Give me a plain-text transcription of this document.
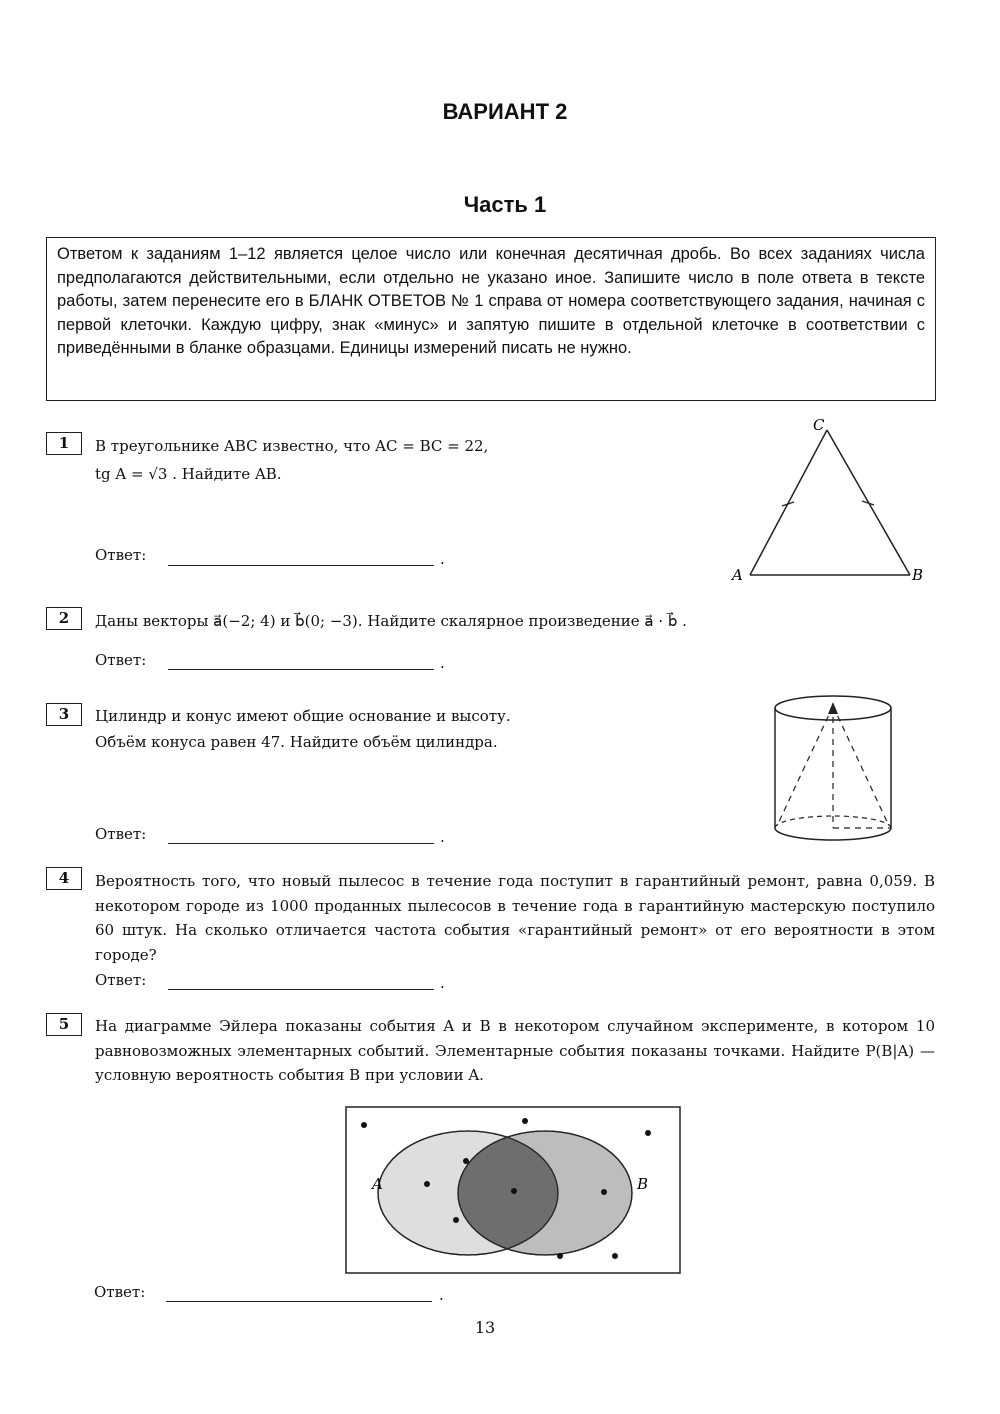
ВАРИАНТ 2
Часть 1
Ответом к заданиям 1–12 является целое число или конечная десятичная дробь. Во всех заданиях числа предполагаются действительными, если отдельно не указано иное. Запишите число в поле ответа в тексте работы, затем перенесите его в БЛАНК ОТВЕТОВ № 1 справа от номера соответствующего задания, начиная с первой клеточки. Каждую цифру, знак «минус» и запятую пишите в отдельной клеточке в соответствии с приведёнными в бланке образцами. Единицы измерений писать не нужно.
1	В треугольнике ABC известно, что AC = BC = 22,
tg A = √3 . Найдите AB.
Ответ:	.
A	B
C
2	Даны векторы a⃗(−2; 4) и b⃗(0; −3). Найдите скалярное произведение a⃗ · b⃗ .
Ответ:	.
3	Цилиндр и конус имеют общие основание и высоту.
Объём конуса равен 47. Найдите объём цилиндра.
Ответ:	.
4	Вероятность того, что новый пылесос в течение года поступит в гарантийный ремонт, равна 0,059. В некотором городе из 1000 проданных пылесосов в течение года в гарантийную мастерскую поступило 60 штук. На сколько отличается частота события «гарантийный ремонт» от его вероятности в этом городе?
Ответ:	.
5	На диаграмме Эйлера показаны события A и B в некотором случайном эксперименте, в котором 10 равновозможных элементарных событий. Элементарные события показаны точками. Найдите P(B|A) — условную вероятность события B при условии A.
A	B
Ответ:	.
13
